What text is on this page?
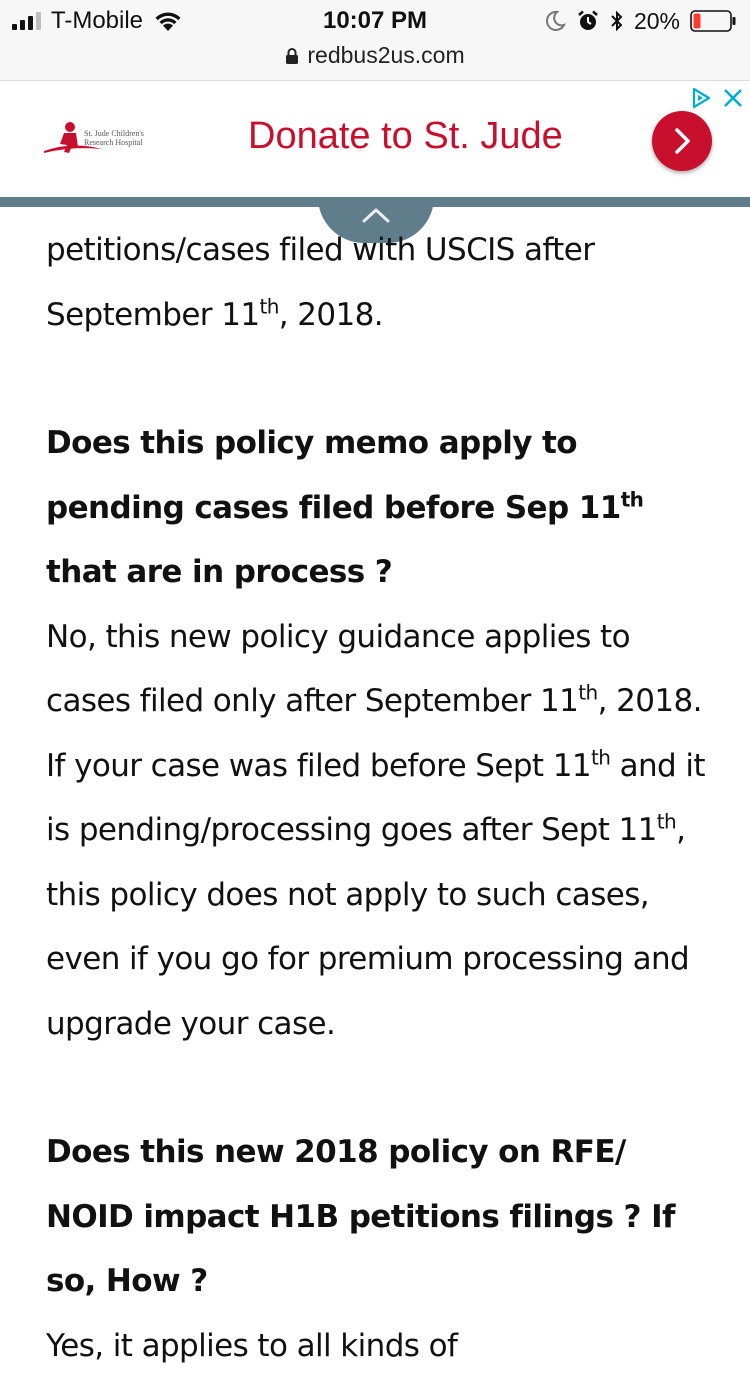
T-Mobile	10:07 PM
redbus2us.com
20%
St. Jude Children's
Research Hospital	Donate to St. Jude

petitions/cases filed with USCIS after September 11th, 2018.

Does this policy memo apply to pending cases filed before Sep 11th that are in process ?

No, this new policy guidance applies to cases filed only after September 11th, 2018. If your case was filed before Sept 11th and it is pending/processing goes after Sept 11th, this policy does not apply to such cases, even if you go for premium processing and upgrade your case.

Does this new 2018 policy on RFE/ NOID impact H1B petitions filings ? If so, How ?

Yes, it applies to all kinds of
